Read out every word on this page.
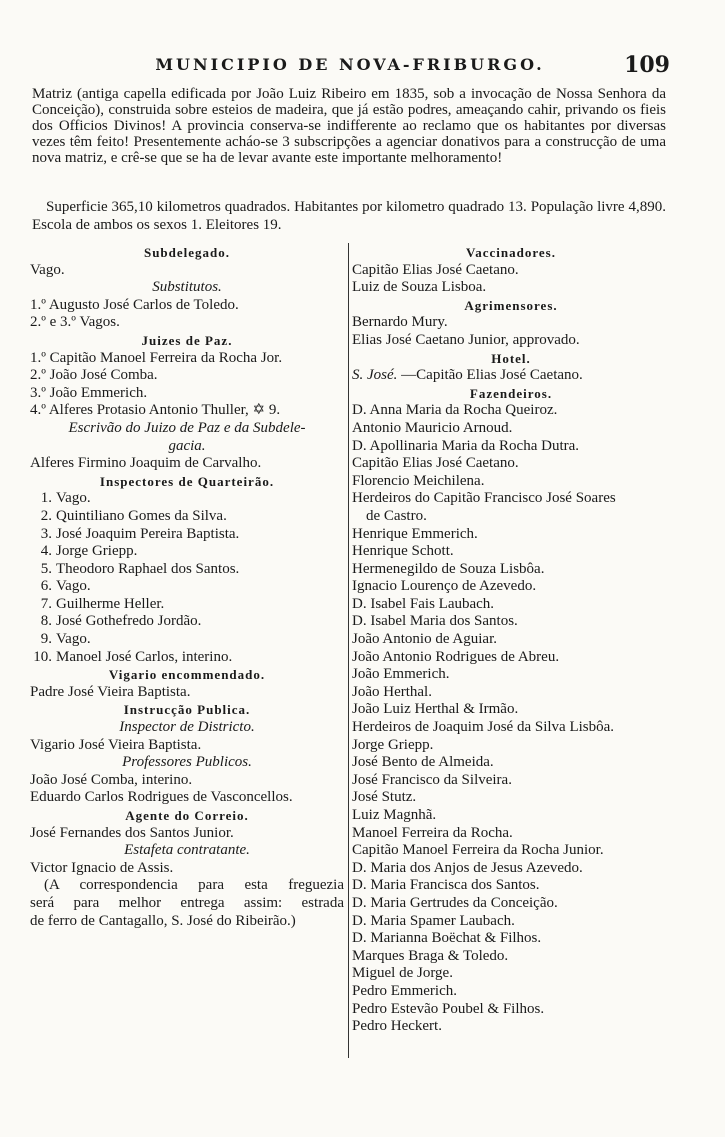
MUNICIPIO DE NOVA-FRIBURGO.	109

Matriz (antiga capella edificada por João Luiz Ribeiro em 1835, sob a invocação de Nossa Senhora da Conceição), construida sobre esteios de madeira, que já estão podres, ameaçando cahir, privando os fieis dos Officios Divinos! A provincia conserva-se indifferente ao reclamo que os habitantes por diversas vezes têm feito! Presentemente acháo-se 3 subscripções a agenciar donativos para a construcção de uma nova matriz, e crê-se que se ha de levar avante este importante melhoramento!

Superficie 365,10 kilometros quadrados. Habitantes por kilometro quadrado 13. População livre 4,890. Escola de ambos os sexos 1. Eleitores 19.

Subdelegado.
Vago.
Substitutos.
1.º Augusto José Carlos de Toledo.
2.º e 3.º Vagos.
Juizes de Paz.
1.º Capitão Manoel Ferreira da Rocha Jor.
2.º João José Comba.
3.º João Emmerich.
4.º Alferes Protasio Antonio Thuller, ✡ 9.
Escrivão do Juizo de Paz e da Subdele-
gacia.
Alferes Firmino Joaquim de Carvalho.
Inspectores de Quarteirão.
1. Vago.
2. Quintiliano Gomes da Silva.
3. José Joaquim Pereira Baptista.
4. Jorge Griepp.
5. Theodoro Raphael dos Santos.
6. Vago.
7. Guilherme Heller.
8. José Gothefredo Jordão.
9. Vago.
10. Manoel José Carlos, interino.
Vigario encommendado.
Padre José Vieira Baptista.
Instrucção Publica.
Inspector de Districto.
Vigario José Vieira Baptista.
Professores Publicos.
João José Comba, interino.
Eduardo Carlos Rodrigues de Vasconcellos.
Agente do Correio.
José Fernandes dos Santos Junior.
Estafeta contratante.
Victor Ignacio de Assis.
(A correspondencia para esta freguezia
será para melhor entrega assim: estrada
de ferro de Cantagallo, S. José do Ribeirão.)
Vaccinadores.
Capitão Elias José Caetano.
Luiz de Souza Lisboa.
Agrimensores.
Bernardo Mury.
Elias José Caetano Junior, approvado.
Hotel.
S. José. —Capitão Elias José Caetano.
Fazendeiros.
D. Anna Maria da Rocha Queiroz.
Antonio Mauricio Arnoud.
D. Apollinaria Maria da Rocha Dutra.
Capitão Elias José Caetano.
Florencio Meichilena.
Herdeiros do Capitão Francisco José Soares
de Castro.
Henrique Emmerich.
Henrique Schott.
Hermenegildo de Souza Lisbôa.
Ignacio Lourenço de Azevedo.
D. Isabel Fais Laubach.
D. Isabel Maria dos Santos.
João Antonio de Aguiar.
João Antonio Rodrigues de Abreu.
João Emmerich.
João Herthal.
João Luiz Herthal & Irmão.
Herdeiros de Joaquim José da Silva Lisbôa.
Jorge Griepp.
José Bento de Almeida.
José Francisco da Silveira.
José Stutz.
Luiz Magnhã.
Manoel Ferreira da Rocha.
Capitão Manoel Ferreira da Rocha Junior.
D. Maria dos Anjos de Jesus Azevedo.
D. Maria Francisca dos Santos.
D. Maria Gertrudes da Conceição.
D. Maria Spamer Laubach.
D. Marianna Boëchat & Filhos.
Marques Braga & Toledo.
Miguel de Jorge.
Pedro Emmerich.
Pedro Estevão Poubel & Filhos.
Pedro Heckert.
